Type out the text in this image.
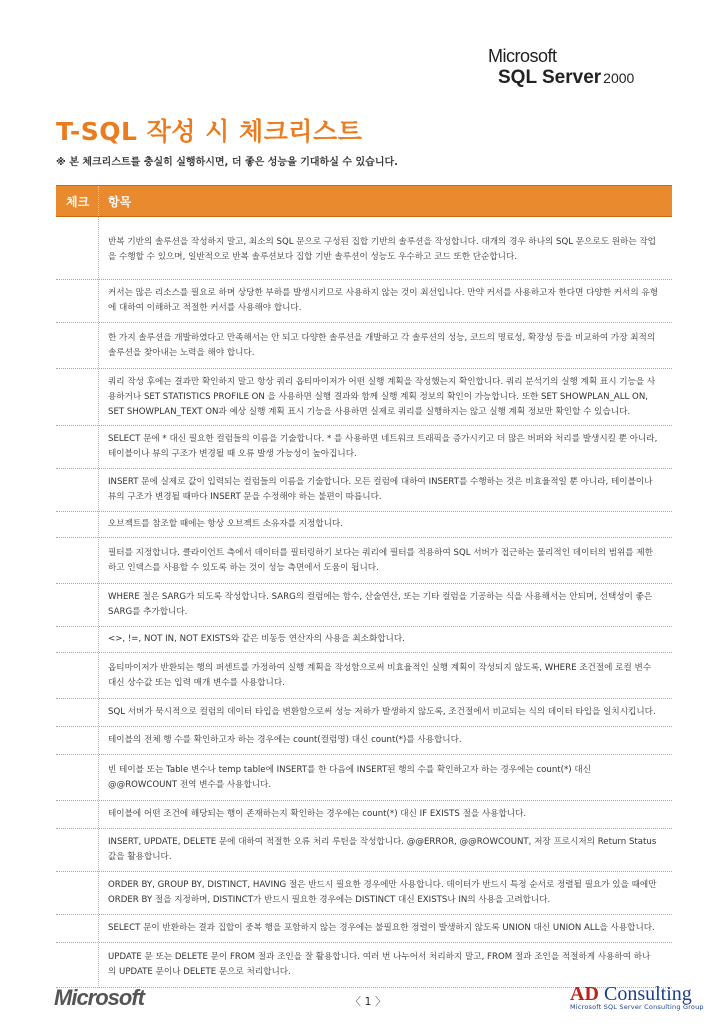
Microsoft
SQL Server 2000
T-SQL 작성 시 체크리스트

※ 본 체크리스트를 충실히 실행하시면, 더 좋은 성능을 기대하실 수 있습니다.

체크 항목
반복 기반의 솔루션을 작성하지 말고, 최소의 SQL 문으로 구성된 집합 기반의 솔루션을 작성합니다. 대개의 경우 하나의 SQL 문으로도 원하는 작업을 수행할 수 있으며, 일반적으로 반복 솔루션보다 집합 기반 솔루션이 성능도 우수하고 코드 또한 단순합니다.
커서는 많은 리소스를 필요로 하며 상당한 부하를 발생시키므로 사용하지 않는 것이 최선입니다. 만약 커서를 사용하고자 한다면 다양한 커서의 유형에 대하여 이해하고 적절한 커서를 사용해야 합니다.
한 가지 솔루션을 개발하였다고 만족해서는 안 되고 다양한 솔루션을 개발하고 각 솔루션의 성능, 코드의 명료성, 확장성 등을 비교하여 가장 최적의 솔루션을 찾아내는 노력을 해야 합니다.
쿼리 작성 후에는 결과만 확인하지 말고 항상 쿼리 옵티마이저가 어떤 실행 계획을 작성했는지 확인합니다. 쿼리 분석기의 실행 계획 표시 기능을 사용하거나 SET STATISTICS PROFILE ON 을 사용하면 실행 결과와 함께 실행 계획 정보의 확인이 가능합니다. 또한 SET SHOWPLAN_ALL ON, SET SHOWPLAN_TEXT ON과 예상 실행 계획 표시 기능을 사용하면 실제로 쿼리를 실행하지는 않고 실행 계획 정보만 확인할 수 있습니다.
SELECT 문에 * 대신 필요한 컬럼들의 이름을 기술합니다. * 를 사용하면 네트워크 트래픽을 증가시키고 더 많은 버퍼와 처리를 발생시킬 뿐 아니라, 테이블이나 뷰의 구조가 변경될 때 오류 발생 가능성이 높아집니다.
INSERT 문에 실제로 값이 입력되는 컬럼들의 이름을 기술합니다. 모든 컬럼에 대하여 INSERT를 수행하는 것은 비효율적일 뿐 아니라, 테이블이나 뷰의 구조가 변경될 때마다 INSERT 문을 수정해야 하는 불편이 따릅니다.
오브젝트를 참조할 때에는 항상 오브젝트 소유자를 지정합니다.
필터를 지정합니다. 클라이언트 측에서 데이터를 필터링하기 보다는 쿼리에 필터를 적용하여 SQL 서버가 접근하는 물리적인 데이터의 범위를 제한하고 인덱스를 사용할 수 있도록 하는 것이 성능 측면에서 도움이 됩니다.
WHERE 절은 SARG가 되도록 작성합니다. SARG의 컬럼에는 함수, 산술연산, 또는 기타 컬럼을 기공하는 식을 사용해서는 안되며, 선택성이 좋은 SARG를 추가합니다.
<>, !=, NOT IN, NOT EXISTS와 같은 비동등 연산자의 사용을 최소화합니다.
옵티마이저가 반환되는 행의 퍼센트를 가정하여 실행 계획을 작성함으로써 비효율적인 실행 계획이 작성되지 않도록, WHERE 조건절에 로컬 변수 대신 상수값 또는 입력 매개 변수를 사용합니다.
SQL 서버가 묵시적으로 컬럼의 데이터 타입을 변환함으로써 성능 저하가 발생하지 않도록, 조건절에서 비교되는 식의 데이터 타입을 일치시킵니다.
테이블의 전체 행 수를 확인하고자 하는 경우에는 count(컬럼명) 대신 count(*)를 사용합니다.
빈 테이블 또는 Table 변수나 temp table에 INSERT를 한 다음에 INSERT된 행의 수를 확인하고자 하는 경우에는 count(*) 대신 @@ROWCOUNT 전역 변수를 사용합니다.
테이블에 어떤 조건에 해당되는 행이 존재하는지 확인하는 경우에는 count(*) 대신 IF EXISTS 절을 사용합니다.
INSERT, UPDATE, DELETE 문에 대하여 적절한 오류 처리 루틴을 작성합니다. @@ERROR, @@ROWCOUNT, 저장 프로시저의 Return Status 값을 활용합니다.
ORDER BY, GROUP BY, DISTINCT, HAVING 절은 반드시 필요한 경우에만 사용합니다. 데이터가 반드시 특정 순서로 정렬될 필요가 있을 때에만 ORDER BY 절을 지정하며, DISTINCT가 반드시 필요한 경우에는 DISTINCT 대신 EXISTS나 IN의 사용을 고려합니다.
SELECT 문이 반환하는 결과 집합이 중복 행을 포함하지 않는 경우에는 불필요한 정렬이 발생하지 않도록 UNION 대신 UNION ALL을 사용합니다.
UPDATE 문 또는 DELETE 문이 FROM 절과 조인을 잘 활용합니다. 여러 번 나누어서 처리하지 말고, FROM 절과 조인을 적절하게 사용하여 하나의 UPDATE 문이나 DELETE 문으로 처리합니다.
Microsoft	〈 1 〉	AD Consulting
Microsoft SQL Server Consulting Group
